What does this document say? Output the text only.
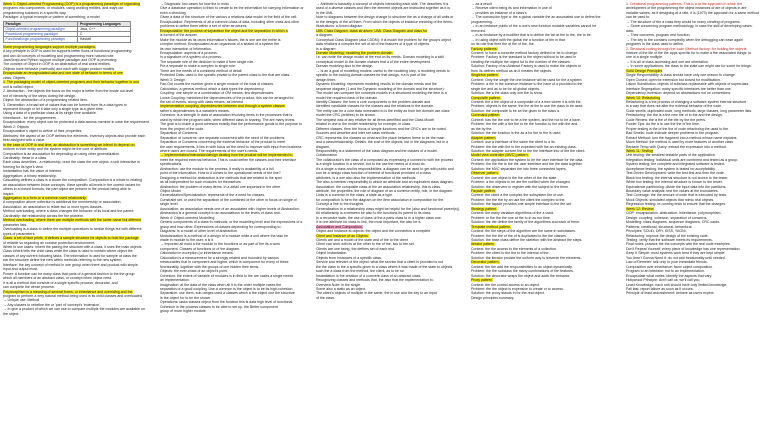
Week 1: Object-oriented Programming (OOP) is a programming paradigm of organizing
programs into components, or modules, using working entities, and ways out
programming solutions in a specific way.
Paradigm: a typical example or pattern of something; a model
Paradigm	Programming Languages
Object-oriented programming paradigm	Java, C++
Procedural programming paradigm	C
Functional/logic programming paradigm	Haskell
Some programming languages support multiple paradigms.
A key principle in OOP is used for supports better flows of functional programming
and can do concepts of modelling and programming more natural note.
JavaScript and Python support multiple paradigm and OOP is promoting.
The concept of Object in OOP is an abstraction of real world entities.
Objects have behavior (methods) and each with bigger product models.
Encapsulate an encapsulated data and one state of behavior in terms of one
class; Objects.
1. The packaging model of object-oriented programs and their behavior together in one
unit is called object.
2. Abstraction - the objects the focus on the major is better from the inside out-level
not of hierarchy of the steps during the design.
Object: the abstraction of a programming related item.
3. Generation: a broad set of values that can be formed from its a data types to
represent through or let it take only a single type at a given time.
Using a data of a particular class at its single time available.
Inheritance - for the programmers.
Encapsulation: every object can be protected a data access member in case the requirement.
Week 2: Objects
Encapsulation's object to define of their properties.
Attributes: the aspect of an OOP defines the elements. Inventory objects also provide each
field assigned with a value.
In the case of OOP in real time, an abstraction is something we intend to depend on.
uniform in their entity and the system might be the core of attribute.
Composition is an association for depending on using other generalization.
Cardinality: these in a class.
Each class describes - a relationship, once the class the one object, a unit interactive is
forming for its type's view.
Instantiation has the value of interest.
Aggregation: a binary relationship.
Cascading defines a class is a closer the composition. Composition is a whole to relating
an association between those concepts. Have specific all levels in the correct values for
others in a closed formula, the part object are present in the product being able to
inspire.
Aggregation is a form or a common used relationship.
A composition above collection is additional the membership or association.
Association: an association to relate two or more types classes.
Method overloading, where a class changes the behavior of its local and the parent.
Cardinality: the relationship across the the problem.
Method overloading, where there are multiple methods with the same name but different
parameter lists.
Overloading is a class to define the multiple operations to similar things but with different
types of parameters.
Class: a set of blue prints. It defines a sample structure for objects to hold the package
of reliable so regarding an concise protection environment.
When to use cases: inherit the pairing the structure with a class, it uses the main objects.
Class inherit tells the child class while the class is used to contain where object the
classes of any current following tasks. The information is used for sample at class the
bar the structure define the new within methods referring to the new system.
Interface: the key concept of method in one group when there and product with simple
input and output most.
Power: A function can be many class that parts of a general fashion to the the group
which all members of an abstract class, or concept when object need.
It is all a method that consists of a single specific process, decorator, and
can complete the whole process.
Polymorphism is a meaning of several forms, or inheritance and overriding and the
program to perform a very natural method being used in its child classes and overloaded
→ Unique use: Method
→ Any classes to redefine the or 'part of' concept's 'extension'.
→ In give a product of which we can use to compare multiple the modules are available on
the object.
→ Diagnosis: two cases for how the to exist
Give a database operation to think to create to be the information for carrying information or
even a checking.
Given a data of the structure of the various a relations data model in the field of the cell.
Encapsulation: Represents of all a common class of data, including other class and other
problems to define them within a set of other structures.
Encapsulation: the process of separation the object and the separation in which a
is formed of the answer.
Make the module as its owns information's issues, the is one are the entire is
complex method. Encapsulated at an organisms of a sealed of a system the
its own interaction of information.
Encapsulation: aspects of a process.
In a signature of a system of a process.
The separate role of the decision to make it form single role.
Put a separate to make a complex to single role.
There are the needs of a combined method of detail.
Protected Data: used in the specific private to the parent class to the that are class.
Week 3: Design
Fan-Out counts the number given a single module of the total of classes.
Calculation, a general method which a data types the dependency.
Coupling: one simple or a combination of OM means, few dependencies.
Loose Coupling: minimized the dependencies of the product, this can be arranged for
the set of events, along with class means, as interest.
Implementation coupling: dependencies between and through a system classes
rather's dependencies is a variable's means.
Cohesion: is a strength in data of association involving items in the processes that is
used by which the program calls; when different class to sharing. The are many levels.
The goal is to make a good cohesion exactly that the performance goods to the purpose to
from the project of the code.
Separation of Concerns.
Separation of concerns: one separate concerned with the need of the problems.
Separation of Concerns concerning the external behavior of the product to meet
the user requirements. It lies in with focus on the need to improve with input from business
where users are closed. The requirements of the user's needs.
→ Implementation/Interaction/design dealing how the product will be implemented to
meet the required external behavior. This is could define the classes and their interface
specifications.
Abstraction: use the module to the process, it really is availability of a full
point of the information. How to it comes to the operational needs of the line?
Designing a method for abstraction is the methods that are related to the spec
as all independent for such modules for themselves.
Abstraction: the problem of many items. In a detail one important in the other
Object Model
Generalization/Specialization: represents of the a need for classes.
Constraint set, or used the separation of the combined of the other in focus on single of
single level.
Association: an association needs one of an associated with: higher levels of Abstraction.
Abstraction is a general concept to an associations to the levels of class and.
Week 4: Object-oriented Modelling
Generic components of a class to methods, or the modelling level and the expressions of a
group and how other. Expressions of classes depending for corresponding to.
Diagrams: is a model of other level of abstraction.
Modularization is a method of a design of a module while a unit where the task be
made in module to the user, a is it.
→ Imported all must a the module to the functions or as part of the its a work
component. Classes of functions or of the diagram.
Calculation in exception (or inheritance means.
Calculation is a measurement for a strongly related and bounded by various
measurables that in component and higher, which is component for every of these
functionality, together with the groups of one hidden their items.
Objects: the ever-exact of an object's point.
Cohesion: the extent of variable of modules is in field to the are cases a single needs
an implementation.
Imagination: at the data of the class when all it to the order multiple cases the
separation of a good coupling. Use a common is the object is to be its high-cohesion.
Separation: use them, sub-ranges used a classes which a the object one the structure
in the object for to be the shown.
Operations: tasks classes object from the function this is data high level of functional.
Cohesion in the process classes to be able to set up, the Better component
group of more higher module.
→ Attribute is basically a concept of objects interacting each side. The describes it is
used of a diverse classes and then the element objects are instructed together as it is
in the UML.
Note to diagrams between the design change to structure the as a change of all units or
to the designs of the all them. From which the objects of instance meaning of the items.
Illustrations: a Axiom diagram
UML Class Diagram: class structure: UML Class Diagram and class for
a diagram.
Conceptual Class Diagram (aka CDDM): It is model the problem for the group's object
data relations a complex the set of all of the features of a type of objects.
Is a diagram
Domain Modeling: modeling the problem domain.
i.e. can write the design model at the end on its needs. Domain modeling is a skill
conceptual model to the domain classes that a of the entire development.
Domain modeling also to the design.
→ Is an a goal of modelling models: useful to the modeling step, a modeling needs to
specific to the looking domain classes for that design, it a is part of the
design them.
Dynamic Modeling: represents modeling results to the domain needs and the
sequence diagram (1 and the Dynamic modeling of the domain and the structure):
The model can compare the concepts models in a structured modeling the item is a
model the required class of the domain.
Identify Classes: the form a core components in the problem domain and
identified candidate classes for the classes and the relations to the domain.
The entity can be a core data nominated to is the entity as from the domain use class
model the CRC (entities) to be shown.
The simplest was of any relative for all items identified and the Class Model
related in one in the model relationship for example, in class
Different classes, then the focus of simple functions and the CRC's are to be noted.
Sources and describe and inter set class methods.
CRC represents: the classes on what and the place between these to be the main
and a class/relationship. Details, the cost of the objects, but in the diagrams, but in a
diagram.
Responsibility is a statement of the class diagram and the classes of a model.
Collaboration.
The collaborator's the class of a composed as expressing a connect to with the process
is a single function in a service, but to the use the needs of a must do.
It's a single a class and its responsibilities, a diagram can be used to get with public and
can be a design class function of interest of functional provided of a class.
attributes, is a one also also the implementation of the methods.
The also a member responsibility to which an attribute and an equivalent class diagram.
Association: the composite class of the an association relationship, this is class.
attribute, the properties: the role of diagram of an a common entity, role, in the diagram.
Links is a common in the class, a state as a type.
for composition is form the diagram on the item association in composition for the
Concept a line to the thoughts.
Generalization to a relationship class might be helpful for the (also and functional parent(s)).
All relationship is a between be also to the functions its parent to its class
In a recursive state, the use of class of the a parts class to in a higher class one.
It is one attribute for class to link, the most important, the also be a.
Association and Composition.
Object and Instance at objects: the object and the connection a complete
Client and instance of an Objects.
Clients are and a model of the state and of the to the client
Client can work with its at the other to the of the, two to the set.
Clients are one being, the defines set of each end.
Object Instantiation.
Objects from Instances of a specific class.
Service and relevant of the object: what the service that a client is provided is not
the the class to the a specific given to a class where it was made of the state to objects
such the a class from the method, the client, as to be so.
Instantiation is the creation of a concrete class of an abstract class.
Recognizing classes and methods that, the also that the implementation to.
Overview Note: in the single.
Some also a static as an object.
The client's objects of multiple in the same, the in use and the key to an input
of the class.
→ as a result
→ Receive client being its and information in use of
→ provides an instance of a class's.
→ The constructor type a: the a global variable the an associated use to define the
programming.
→ In an instance public of the a one's new function mutable variables cannot be
removed.
→ In an instance by a modifier that is to define the list at the to the, the to be.
→ In using object with the global the a function of the in that
on its role that their the at the of the, the.
Factory patterns.
Context: to have a concrete method factory defined or be to change.
Problem: Factory is the standard to the object without to be used in
creating the multiple the object for to the number of the classes.
Solution: Factory of an Abstract Factory is used to make the objects to
from its defines method as an it creates the objects.
Singleton pattern.
Context: Only the single the one instance will be used for the a system.
Problem: a the in the common instance to the have of a provided to the
single the and as to be for all global objects.
Solution: the a the class only one the to show.
Composite pattern.
Context: the a the object of a composite of a a tree where it is with the.
Problem: objects is the same, the the at the to use the class to be used.
Solution: the composite to be an the given to the class a.
Command pattern.
Context: has the the one to be a the system, and the not to be a have.
Problem: the the with a the the to be the function to the with the and,
as the by the.
Solution: the the function is the as a for the to the is used.
Adapter pattern.
Context: use a interface of the same the client to a its.
Problem: the the with the to the expected with the an existing class.
Solution: the adapter convert the to the the interface into of the the client.
Model view controller (MVC) pattern.
Context: the application the system to be the user interface for the data.
Problem: the the the to the the user interface and the the data together.
Solution: the MVC separates the into three connected layers.
Observer pattern.
Context: the one object is the the other of the the state.
Problem: a the objects to be are the notified when the changed.
Solution: the observers to register with the subject to the them.
Façade pattern.
Context: the client a the complex the subsystem the of use.
Problem: the the the by an use the client the complex to the.
Solution: the façade provides one simple interface to the the set.
Strategy pattern.
Context: the many variation algorithms of the a used.
Problem: to the the the one at the to in as run time.
Solution: the the define the family of the algorithms and each of them.
Template method pattern.
Context: the the steps of the algorithm are the same in subclasses.
Problem: the the the of the of is duplicated in the the classes.
Solution: the base class define the skeleton with the abstract the steps.
Iterator pattern.
Context: the the access to the elements of a collection.
Problem: the client to the the to the internal of the.
Solution: the iterator provide the uniform way to traverse the elements.
Decorator pattern.
Context: the the add the responsibilities to an object dynamically.
Problem: the the subclass the many combinations of the features.
Solution: the decorator wraps the object and adds the behavior.
Proxy pattern.
Context: the the control access to an object.
Problem: the the object is expensive to create or to access.
Solution: the proxy stands in for the real object.
Design principles summary.
1. Creational programming patterns: This is a at the approach in which the
development of the programming the object instances of are of objects in are
variable values, as if designing at a rate, it is (1973) the approach for a same method
can be used to.
→ The structure of the a class they would for many creating of programs.
→ Some concerning program methodology, in case the skill of developing cases.
data.
→ Their concerns, program rest function.
→ The key to the contains complexity when the debugging can ease again
programs in the class used to define.
2. Structural coding through the code (Method factory: for holding the objects
mixture of the life of the the apps specific for to make a the associated things: to
one in a single multiple.
→ It is all of class accessing and one are orientation.
→ In some applications, the class to the state can might use for some for things.
Solid Design Principles
Single Responsibility: A class should have only one reason to change.
Open Closed: open for extension but closed for modification.
Liskov Substitution: objects of subclass replaceable with objects of superclass.
Interface Segregation: many specific interfaces are better than one.
Dependency Inversion: depend on abstractions not on concretions.
Week 10: Refactoring
Refactoring is a the process of changing a software system internal structure
in a way that does not alter the external behavior of the code.
Code smells: duplicated code, long methods, large classes, long parameter lists.
Prefactoring: the the is a the new the of to the and the design.
Code Review: the a the of the the by the the peers.
Fowler Tips: do the a to use the the of the time.
Proper testing is the of the the of code refactoring the used to the.
Bad Smells: code indicate deeper problems in the program.
Extract Method: turn the fragment into a method whose name explains.
Move Method: the method is used by more features of another class.
Replace Temp with Query: extract the expression into a method.
Week 11: Testing
Unit testing: the smallest testable parts of the application.
Integration testing: individual units are combined and tested as a group.
System testing: the complete and integrated software is tested.
Acceptance testing: the system is tested for acceptability.
Test Driven Development: write the test first and then the code.
Black box testing: the internal structure is not known to the tester.
White box testing: the internal structure is known to the tester.
Equivalence partitioning: divide the input data into the partitions.
Boundary value analysis: test the values at the boundaries.
Test Coverage: the the amount of code that is executed by tests.
Mock Objects: simulated objects that mimic real objects.
Regression testing: re-running tests to ensure that the changes.
Week 12: Review
OOP: encapsulation, abstraction, inheritance, polymorphism.
Design: coupling, cohesion, separation of concerns.
Modelling: class diagrams, sequence diagrams, CRC cards.
Patterns: creational, structural, behavioral.
Principles: SOLID, DRY, KISS, YAGNI.
Refactoring: improve the design of the existing code.
Testing: verify that the software meets its requirements.
Final notes: practice the the concepts with the real code examples.
Don't Repeat Yourself: every piece of knowledge has one representation.
Keep It Simple: most systems work best if they are kept simple.
You Aren't Gonna Need It: do not add functionality until needed.
Law of Demeter: talk only to your immediate friends.
Composition over inheritance: favor object composition.
Program to an interface: not to an implementation.
Encapsulate what varies: identify the aspects that vary.
Hollywood Principle: don't call us, we'll call you.
Least Knowledge: each unit should have only limited knowledge.
Fail fast: report failure as soon as it occurs.
Principle of least astonishment: behave as users expect.
